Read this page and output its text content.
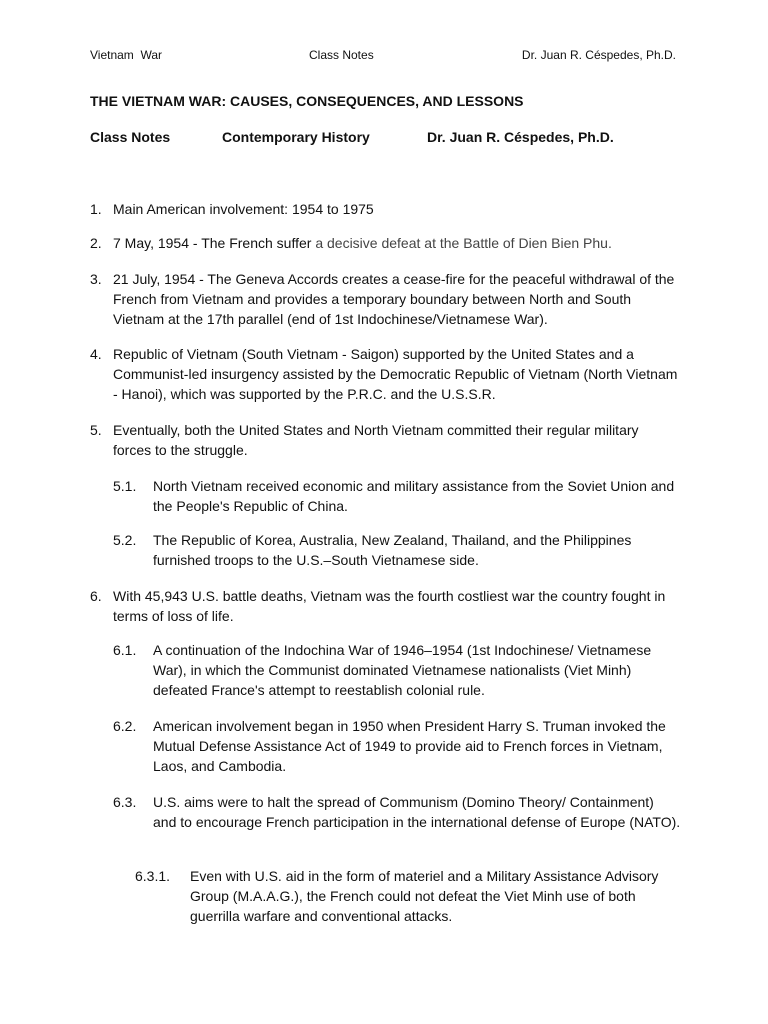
Vietnam  War	Class Notes	Dr. Juan R. Céspedes, Ph.D.
THE VIETNAM WAR: CAUSES, CONSEQUENCES, AND LESSONS
Class Notes	Contemporary History	Dr. Juan R. Céspedes, Ph.D.
1. Main American involvement: 1954 to 1975
2. 7 May, 1954 - The French suffer a decisive defeat at the Battle of Dien Bien Phu.
3. 21 July, 1954 - The Geneva Accords creates a cease-fire for the peaceful withdrawal of the French from Vietnam and provides a temporary boundary between North and South Vietnam at the 17th parallel (end of 1st Indochinese/Vietnamese War).
4. Republic of Vietnam (South Vietnam - Saigon) supported by the United States and a Communist-led insurgency assisted by the Democratic Republic of Vietnam (North Vietnam - Hanoi), which was supported by the P.R.C. and the U.S.S.R.
5. Eventually, both the United States and North Vietnam committed their regular military forces to the struggle.
5.1. North Vietnam received economic and military assistance from the Soviet Union and the People's Republic of China.
5.2. The Republic of Korea, Australia, New Zealand, Thailand, and the Philippines furnished troops to the U.S.–South Vietnamese side.
6. With 45,943 U.S. battle deaths, Vietnam was the fourth costliest war the country fought in terms of loss of life.
6.1. A continuation of the Indochina War of 1946–1954 (1st Indochinese/ Vietnamese War), in which the Communist dominated Vietnamese nationalists (Viet Minh) defeated France's attempt to reestablish colonial rule.
6.2. American involvement began in 1950 when President Harry S. Truman invoked the Mutual Defense Assistance Act of 1949 to provide aid to French forces in Vietnam, Laos, and Cambodia.
6.3. U.S. aims were to halt the spread of Communism (Domino Theory/ Containment) and to encourage French participation in the international defense of Europe (NATO).
6.3.1. Even with U.S. aid in the form of materiel and a Military Assistance Advisory Group (M.A.A.G.), the French could not defeat the Viet Minh use of both guerrilla warfare and conventional attacks.
